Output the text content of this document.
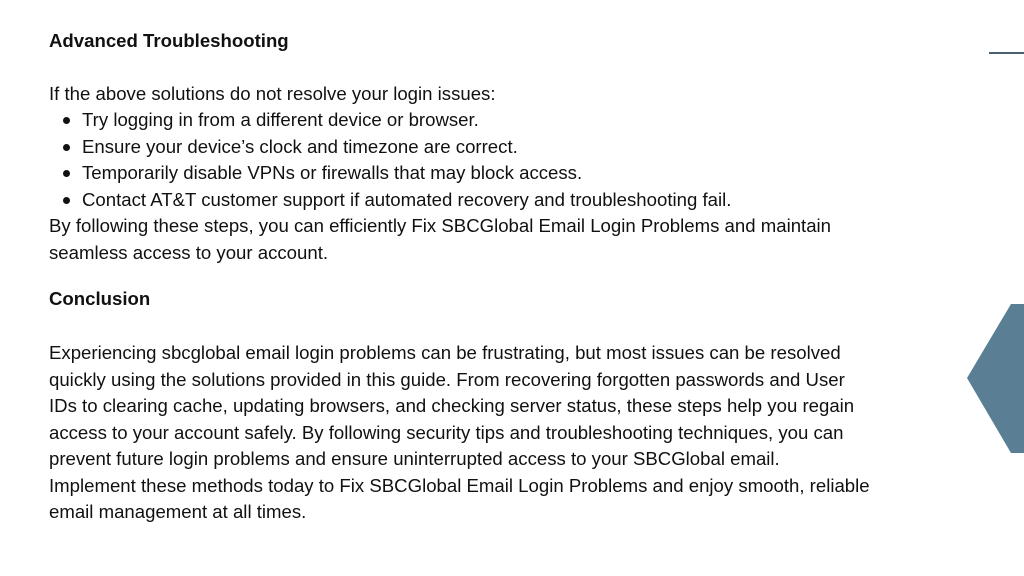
Advanced Troubleshooting
If the above solutions do not resolve your login issues:
Try logging in from a different device or browser.
Ensure your device’s clock and timezone are correct.
Temporarily disable VPNs or firewalls that may block access.
Contact AT&T customer support if automated recovery and troubleshooting fail.
By following these steps, you can efficiently Fix SBCGlobal Email Login Problems and maintain
seamless access to your account.
Conclusion
Experiencing sbcglobal email login problems can be frustrating, but most issues can be resolved
quickly using the solutions provided in this guide. From recovering forgotten passwords and User
IDs to clearing cache, updating browsers, and checking server status, these steps help you regain
access to your account safely. By following security tips and troubleshooting techniques, you can
prevent future login problems and ensure uninterrupted access to your SBCGlobal email.
Implement these methods today to Fix SBCGlobal Email Login Problems and enjoy smooth, reliable
email management at all times.
